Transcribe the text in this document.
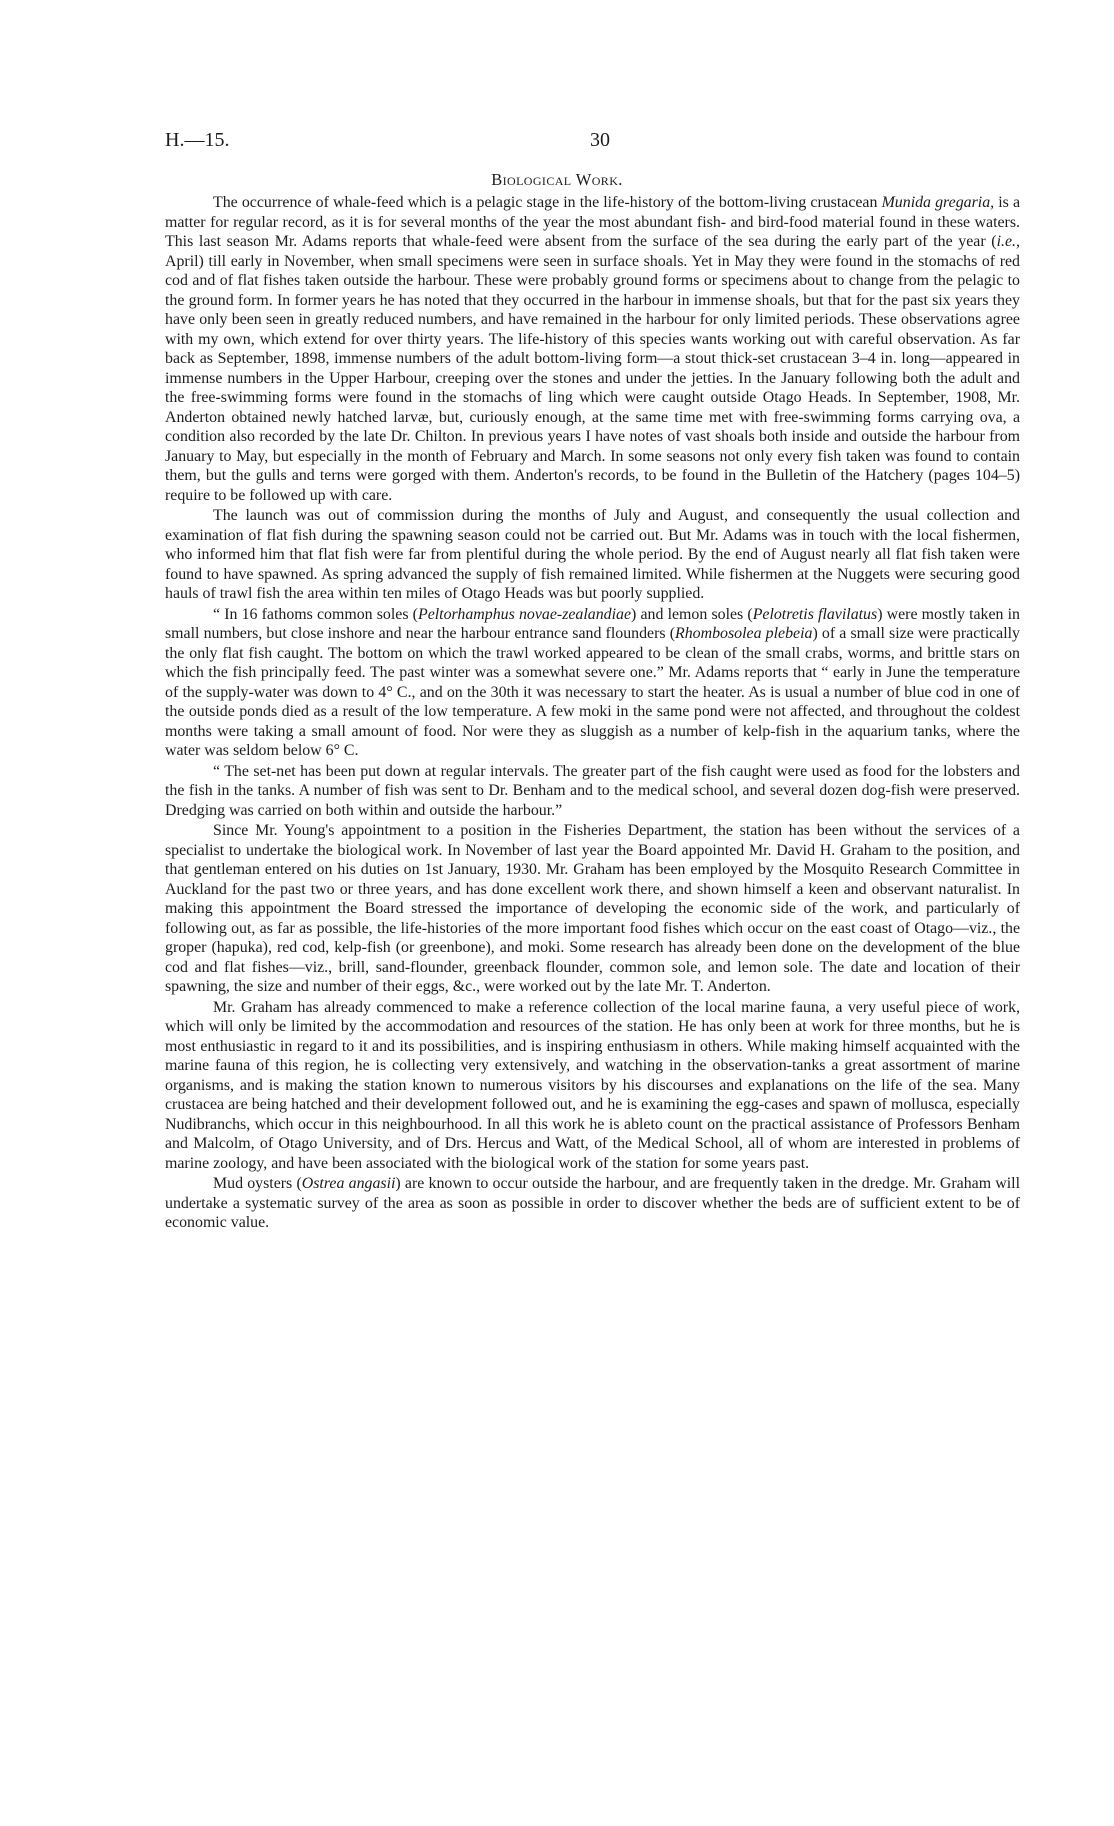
H.—15.	30
Biological Work.

The occurrence of whale-feed which is a pelagic stage in the life-history of the bottom-living crustacean Munida gregaria, is a matter for regular record, as it is for several months of the year the most abundant fish- and bird-food material found in these waters. This last season Mr. Adams reports that whale-feed were absent from the surface of the sea during the early part of the year (i.e., April) till early in November, when small specimens were seen in surface shoals. Yet in May they were found in the stomachs of red cod and of flat fishes taken outside the harbour. These were probably ground forms or specimens about to change from the pelagic to the ground form. In former years he has noted that they occurred in the harbour in immense shoals, but that for the past six years they have only been seen in greatly reduced numbers, and have remained in the harbour for only limited periods. These observations agree with my own, which extend for over thirty years. The life-history of this species wants working out with careful observation. As far back as September, 1898, immense numbers of the adult bottom-living form—a stout thick-set crustacean 3–4 in. long—appeared in immense numbers in the Upper Harbour, creeping over the stones and under the jetties. In the January following both the adult and the free-swimming forms were found in the stomachs of ling which were caught outside Otago Heads. In September, 1908, Mr. Anderton obtained newly hatched larvæ, but, curiously enough, at the same time met with free-swimming forms carrying ova, a condition also recorded by the late Dr. Chilton. In previous years I have notes of vast shoals both inside and outside the harbour from January to May, but especially in the month of February and March. In some seasons not only every fish taken was found to contain them, but the gulls and terns were gorged with them. Anderton's records, to be found in the Bulletin of the Hatchery (pages 104–5) require to be followed up with care.

The launch was out of commission during the months of July and August, and consequently the usual collection and examination of flat fish during the spawning season could not be carried out. But Mr. Adams was in touch with the local fishermen, who informed him that flat fish were far from plentiful during the whole period. By the end of August nearly all flat fish taken were found to have spawned. As spring advanced the supply of fish remained limited. While fishermen at the Nuggets were securing good hauls of trawl fish the area within ten miles of Otago Heads was but poorly supplied.

“ In 16 fathoms common soles (Peltorhamphus novae-zealandiae) and lemon soles (Pelotretis flavilatus) were mostly taken in small numbers, but close inshore and near the harbour entrance sand flounders (Rhombosolea plebeia) of a small size were practically the only flat fish caught. The bottom on which the trawl worked appeared to be clean of the small crabs, worms, and brittle stars on which the fish principally feed. The past winter was a somewhat severe one.” Mr. Adams reports that “ early in June the temperature of the supply-water was down to 4° C., and on the 30th it was necessary to start the heater. As is usual a number of blue cod in one of the outside ponds died as a result of the low temperature. A few moki in the same pond were not affected, and throughout the coldest months were taking a small amount of food. Nor were they as sluggish as a number of kelp-fish in the aquarium tanks, where the water was seldom below 6° C.

“ The set-net has been put down at regular intervals. The greater part of the fish caught were used as food for the lobsters and the fish in the tanks. A number of fish was sent to Dr. Benham and to the medical school, and several dozen dog-fish were preserved. Dredging was carried on both within and outside the harbour.”

Since Mr. Young's appointment to a position in the Fisheries Department, the station has been without the services of a specialist to undertake the biological work. In November of last year the Board appointed Mr. David H. Graham to the position, and that gentleman entered on his duties on 1st January, 1930. Mr. Graham has been employed by the Mosquito Research Committee in Auckland for the past two or three years, and has done excellent work there, and shown himself a keen and observant naturalist. In making this appointment the Board stressed the importance of developing the economic side of the work, and particularly of following out, as far as possible, the life-histories of the more important food fishes which occur on the east coast of Otago—viz., the groper (hapuka), red cod, kelp-fish (or greenbone), and moki. Some research has already been done on the development of the blue cod and flat fishes—viz., brill, sand-flounder, greenback flounder, common sole, and lemon sole. The date and location of their spawning, the size and number of their eggs, &c., were worked out by the late Mr. T. Anderton.

Mr. Graham has already commenced to make a reference collection of the local marine fauna, a very useful piece of work, which will only be limited by the accommodation and resources of the station. He has only been at work for three months, but he is most enthusiastic in regard to it and its possibilities, and is inspiring enthusiasm in others. While making himself acquainted with the marine fauna of this region, he is collecting very extensively, and watching in the observation-tanks a great assortment of marine organisms, and is making the station known to numerous visitors by his discourses and explanations on the life of the sea. Many crustacea are being hatched and their development followed out, and he is examining the egg-cases and spawn of mollusca, especially Nudibranchs, which occur in this neighbourhood. In all this work he is ableto count on the practical assistance of Professors Benham and Malcolm, of Otago University, and of Drs. Hercus and Watt, of the Medical School, all of whom are interested in problems of marine zoology, and have been associated with the biological work of the station for some years past.

Mud oysters (Ostrea angasii) are known to occur outside the harbour, and are frequently taken in the dredge. Mr. Graham will undertake a systematic survey of the area as soon as possible in order to discover whether the beds are of sufficient extent to be of economic value.
